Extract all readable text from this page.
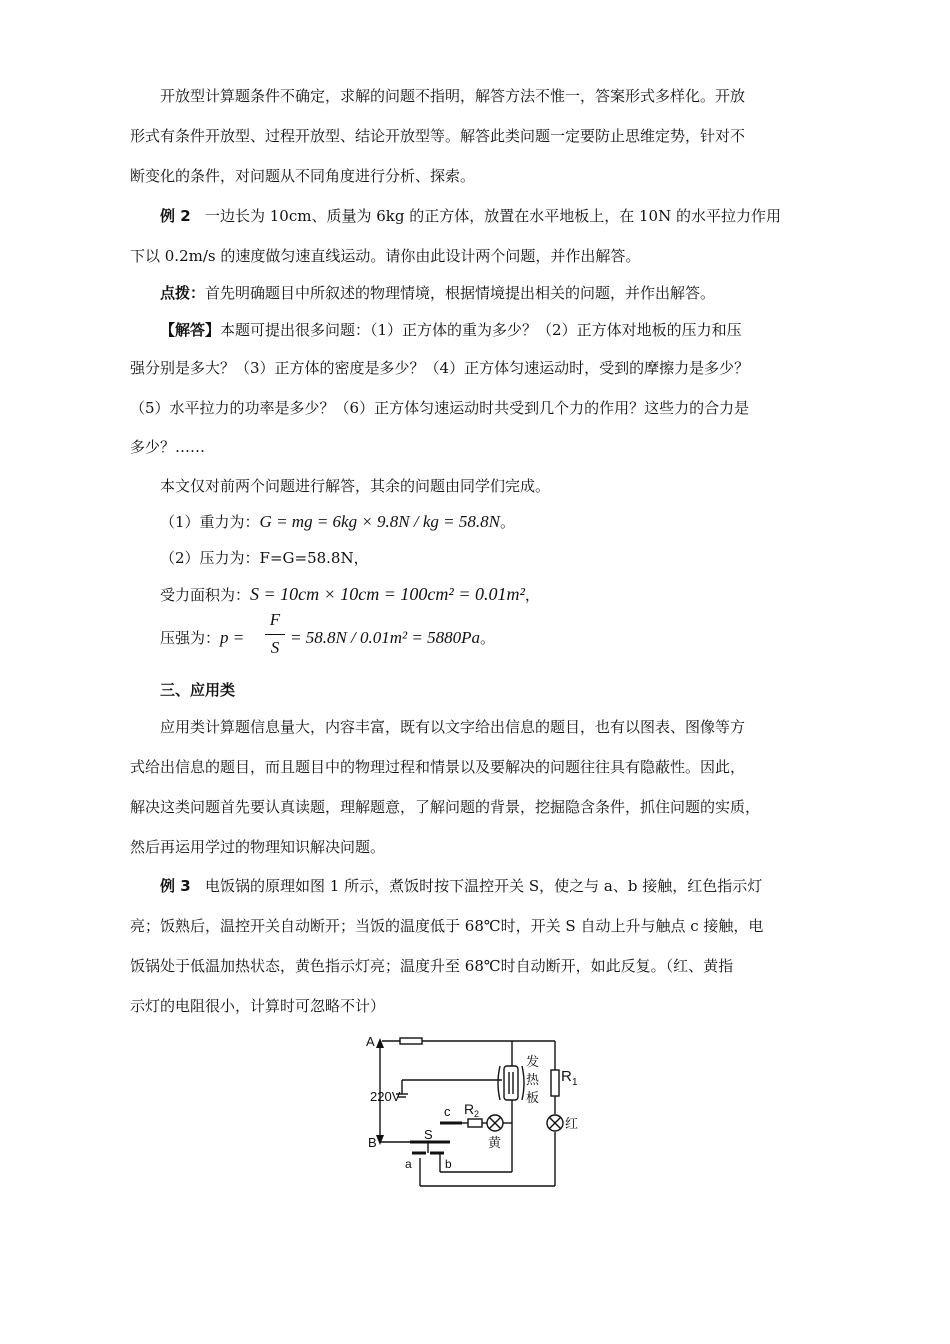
开放型计算题条件不确定，求解的问题不指明，解答方法不惟一，答案形式多样化。开放
形式有条件开放型、过程开放型、结论开放型等。解答此类问题一定要防止思维定势，针对不
断变化的条件，对问题从不同角度进行分析、探索。
例 2 一边长为 10cm、质量为 6kg 的正方体，放置在水平地板上，在 10N 的水平拉力作用
下以 0.2m/s 的速度做匀速直线运动。请你由此设计两个问题，并作出解答。
点拨：首先明确题目中所叙述的物理情境，根据情境提出相关的问题，并作出解答。
【解答】本题可提出很多问题：（1）正方体的重为多少？（2）正方体对地板的压力和压
强分别是多大？（3）正方体的密度是多少？（4）正方体匀速运动时，受到的摩擦力是多少？
（5）水平拉力的功率是多少？（6）正方体匀速运动时共受到几个力的作用？这些力的合力是
多少？……
本文仅对前两个问题进行解答，其余的问题由同学们完成。
（1）重力为：G = mg = 6kg × 9.8N / kg = 58.8N。
（2）压力为：F=G=58.8N，
受力面积为：S = 10cm × 10cm = 100cm² = 0.01m²，
压强为：p =
F
S
= 58.8N / 0.01m² = 5880Pa。
三、应用类
应用类计算题信息量大，内容丰富，既有以文字给出信息的题目，也有以图表、图像等方
式给出信息的题目，而且题目中的物理过程和情景以及要解决的问题往往具有隐蔽性。因此，
解决这类问题首先要认真读题，理解题意，了解问题的背景，挖掘隐含条件，抓住问题的实质，
然后再运用学过的物理知识解决问题。
例 3 电饭锅的原理如图 1 所示，煮饭时按下温控开关 S，使之与 a、b 接触，红色指示灯
亮；饭熟后，温控开关自动断开；当饭的温度低于 68℃时，开关 S 自动上升与触点 c 接触，电
饭锅处于低温加热状态，黄色指示灯亮；温度升至 68℃时自动断开，如此反复。（红、黄指
示灯的电阻很小，计算时可忽略不计）
A
B
220V
c R 2
S
a	b
黄
红
R 1
发
热
板
